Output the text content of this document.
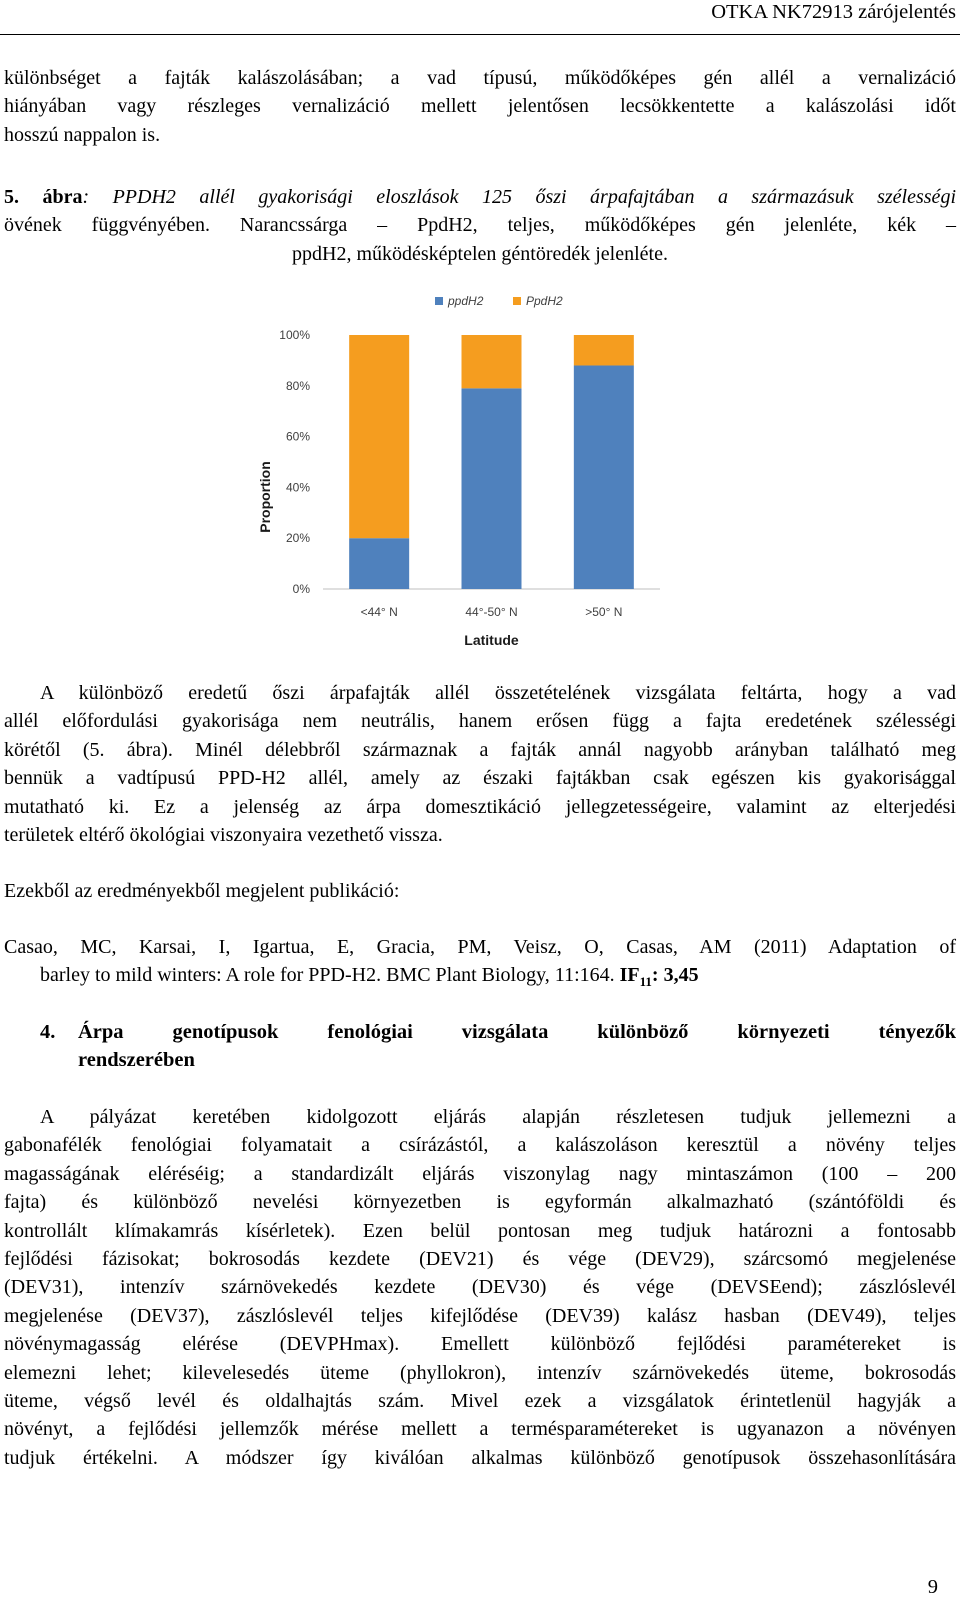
OTKA NK72913 zárójelentés
különbséget a fajták kalászolásában; a vad típusú, működőképes gén allél a vernalizáció
hiányában vagy részleges vernalizáció mellett jelentősen lecsökkentette a kalászolási időt
hosszú nappalon is.
5. ábra: PPDH2 allél gyakorisági eloszlások 125 őszi árpafajtában a származásuk szélességi
övének függvényében. Narancssárga – PpdH2, teljes, működőképes gén jelenléte, kék –
ppdH2, működésképtelen géntöredék jelenléte.
0%
20%
40%
60%
80%
100%
<44° N	44°-50° N	>50° N
Latitude
Proportion
ppdH2	PpdH2
A különböző eredetű őszi árpafajták allél összetételének vizsgálata feltárta, hogy a vad
allél előfordulási gyakorisága nem neutrális, hanem erősen függ a fajta eredetének szélességi
körétől (5. ábra). Minél délebbről származnak a fajták annál nagyobb arányban található meg
bennük a vadtípusú PPD-H2 allél, amely az északi fajtákban csak egészen kis gyakorisággal
mutatható ki. Ez a jelenség az árpa domesztikáció jellegzetességeire, valamint az elterjedési
területek eltérő ökológiai viszonyaira vezethető vissza.
Ezekből az eredményekből megjelent publikáció:
Casao, MC, Karsai, I, Igartua, E, Gracia, PM, Veisz, O, Casas, AM (2011) Adaptation of
barley to mild winters: A role for PPD-H2. BMC Plant Biology, 11:164. $IF_{11}$: 3,45
4. Árpa genotípusok fenológiai vizsgálata különböző környezeti tényezők
rendszerében
A pályázat keretében kidolgozott eljárás alapján részletesen tudjuk jellemezni a
gabonafélék fenológiai folyamatait a csírázástól, a kalászoláson keresztül a növény teljes
magasságának eléréséig; a standardizált eljárás viszonylag nagy mintaszámon (100 – 200
fajta) és különböző nevelési környezetben is egyformán alkalmazható (szántóföldi és
kontrollált klímakamrás kísérletek). Ezen belül pontosan meg tudjuk határozni a fontosabb
fejlődési fázisokat; bokrosodás kezdete (DEV21) és vége (DEV29), szárcsomó megjelenése
(DEV31), intenzív szárnövekedés kezdete (DEV30) és vége (DEVSEend); zászlóslevél
megjelenése (DEV37), zászlóslevél teljes kifejlődése (DEV39) kalász hasban (DEV49), teljes
növénymagasság elérése (DEVPHmax). Emellett különböző fejlődési paramétereket is
elemezni lehet; kilevelesedés üteme (phyllokron), intenzív szárnövekedés üteme, bokrosodás
üteme, végső levél és oldalhajtás szám. Mivel ezek a vizsgálatok érintetlenül hagyják a
növényt, a fejlődési jellemzők mérése mellett a termésparamétereket is ugyanazon a növényen
tudjuk értékelni. A módszer így kiválóan alkalmas különböző genotípusok összehasonlítására
9
